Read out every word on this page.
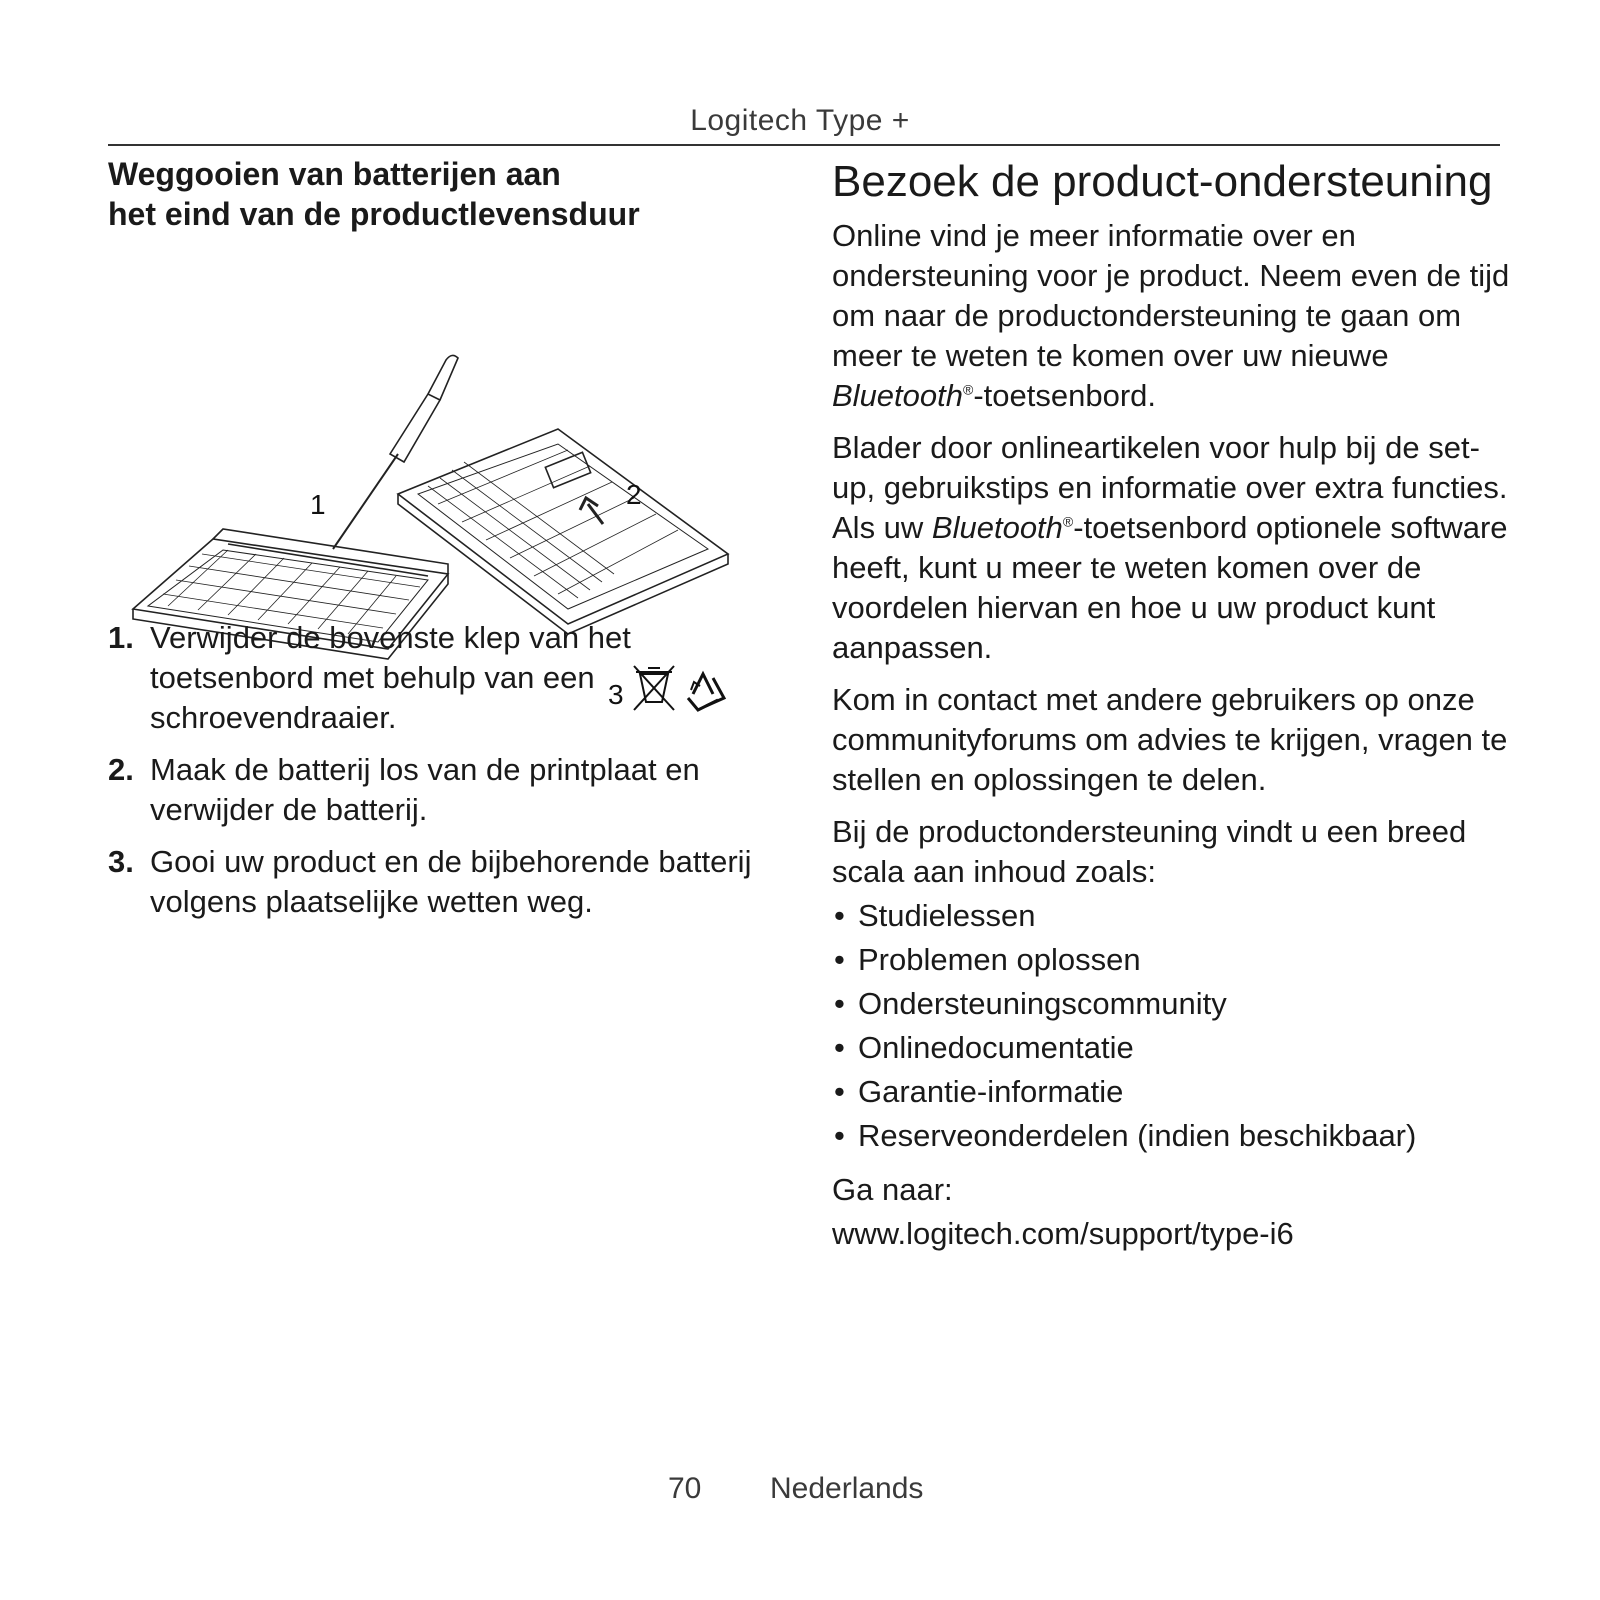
Logitech Type +
Weggooien van batterijen aan
het eind van de productlevensduur
1	2
3
1. Verwijder de bovenste klep van het toetsenbord met behulp van een schroevendraaier.
2. Maak de batterij los van de printplaat en verwijder de batterij.
3. Gooi uw product en de bijbehorende batterij volgens plaatselijke wetten weg.
Bezoek de product-ondersteuning

Online vind je meer informatie over en ondersteuning voor je product. Neem even de tijd om naar de productondersteuning te gaan om meer te weten te komen over uw nieuwe Bluetooth®-toetsenbord.

Blader door onlineartikelen voor hulp bij de set-up, gebruikstips en informatie over extra functies. Als uw Bluetooth®-toetsenbord optionele software heeft, kunt u meer te weten komen over de voordelen hiervan en hoe u uw product kunt aanpassen.

Kom in contact met andere gebruikers op onze communityforums om advies te krijgen, vragen te stellen en oplossingen te delen.

Bij de productondersteuning vindt u een breed scala aan inhoud zoals:

• Studielessen
• Problemen oplossen
• Ondersteuningscommunity
• Onlinedocumentatie
• Garantie-informatie
• Reserveonderdelen (indien beschikbaar)
Ga naar:
www.logitech.com/support/type-i6
70 Nederlands
